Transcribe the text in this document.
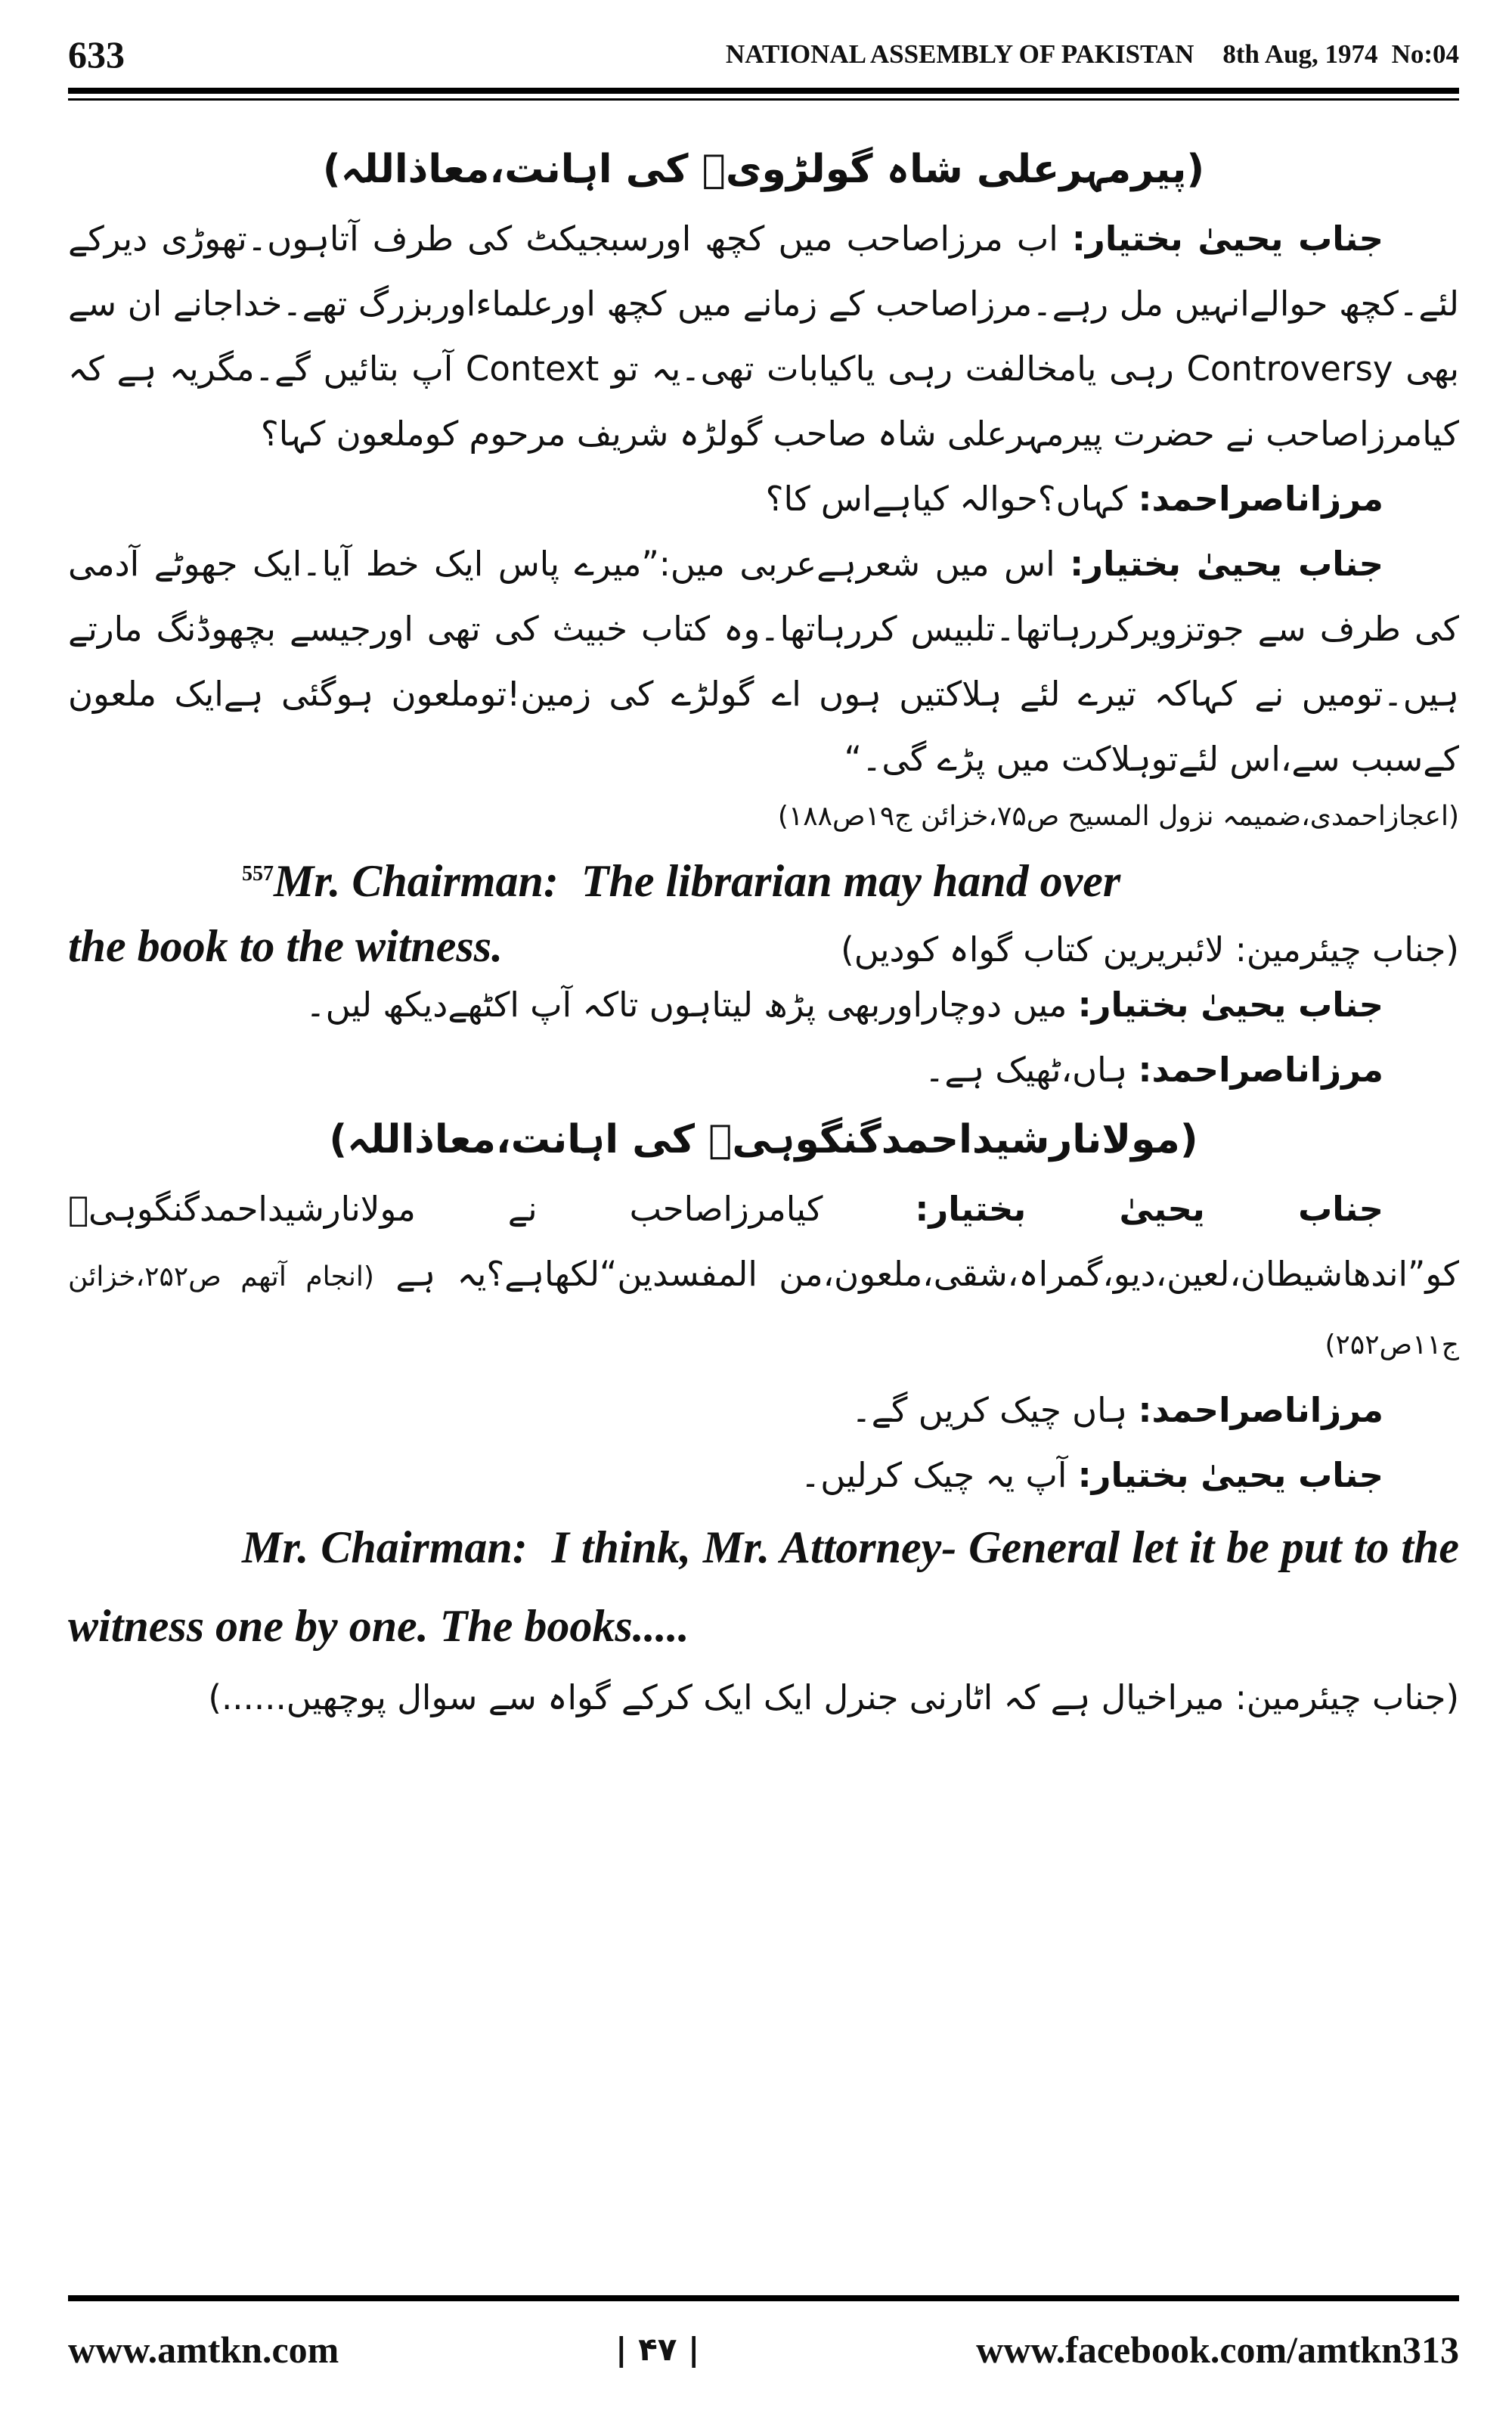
633	NATIONAL ASSEMBLY OF PAKISTAN 8th Aug, 1974 No:04

(پیرمہرعلی شاہ گولڑویؒ کی اہانت،معاذاللہ)

جناب یحییٰ بختیار: اب مرزاصاحب میں کچھ اورسبجیکٹ کی طرف آتاہوں۔تھوڑی دیرکے لئے۔کچھ حوالےانہیں مل رہے۔مرزاصاحب کے زمانے میں کچھ اورعلماءاوربزرگ تھے۔خداجانے ان سے بھی Controversy رہی یامخالفت رہی یاکیابات تھی۔یہ تو Context آپ بتائیں گے۔مگریہ ہے کہ کیامرزاصاحب نے حضرت پیرمہرعلی شاہ صاحب گولڑہ شریف مرحوم کوملعون کہا؟

مرزاناصراحمد: کہاں؟حوالہ کیاہےاس کا؟

جناب یحییٰ بختیار: اس میں شعرہےعربی میں:”میرے پاس ایک خط آیا۔ایک جھوٹے آدمی کی طرف سے جوتزویرکررہاتھا۔تلبیس کررہاتھا۔وہ کتاب خبیث کی تھی اورجیسے بچھوڈنگ مارتے ہیں۔تومیں نے کہاکہ تیرے لئے ہلاکتیں ہوں اے گولڑے کی زمین!توملعون ہوگئی ہےایک ملعون کےسبب سے،اس لئےتوہلاکت میں پڑے گی۔“

(اعجازاحمدی،ضمیمہ نزول المسیح ص۷۵،خزائن ج۱۹ص۱۸۸)

$^{557}$Mr. Chairman: The librarian may hand over

the book to the witness.	(جناب چیئرمین: لائبریرین کتاب گواہ کودیں)

جناب یحییٰ بختیار: میں دوچاراوربھی پڑھ لیتاہوں تاکہ آپ اکٹھےدیکھ لیں۔

مرزاناصراحمد: ہاں،ٹھیک ہے۔

(مولانارشیداحمدگنگوہیؒ کی اہانت،معاذاللہ)

جناب یحییٰ بختیار: کیامرزاصاحب نے مولانارشیداحمدگنگوہیؒ کو”اندھاشیطان،لعین،دیو،گمراہ،شقی،ملعون،من المفسدین“لکھاہے؟یہ ہے (انجام آتھم ص۲۵۲،خزائن ج۱۱ص۲۵۲)

مرزاناصراحمد: ہاں چیک کریں گے۔

جناب یحییٰ بختیار: آپ یہ چیک کرلیں۔

Mr. Chairman: I think, Mr. Attorney- General let it be put to the witness one by one. The books.....

(جناب چیئرمین: میراخیال ہے کہ اٹارنی جنرل ایک ایک کرکے گواہ سے سوال پوچھیں......)

www.amtkn.com	| ۴۷ |	www.facebook.com/amtkn313
